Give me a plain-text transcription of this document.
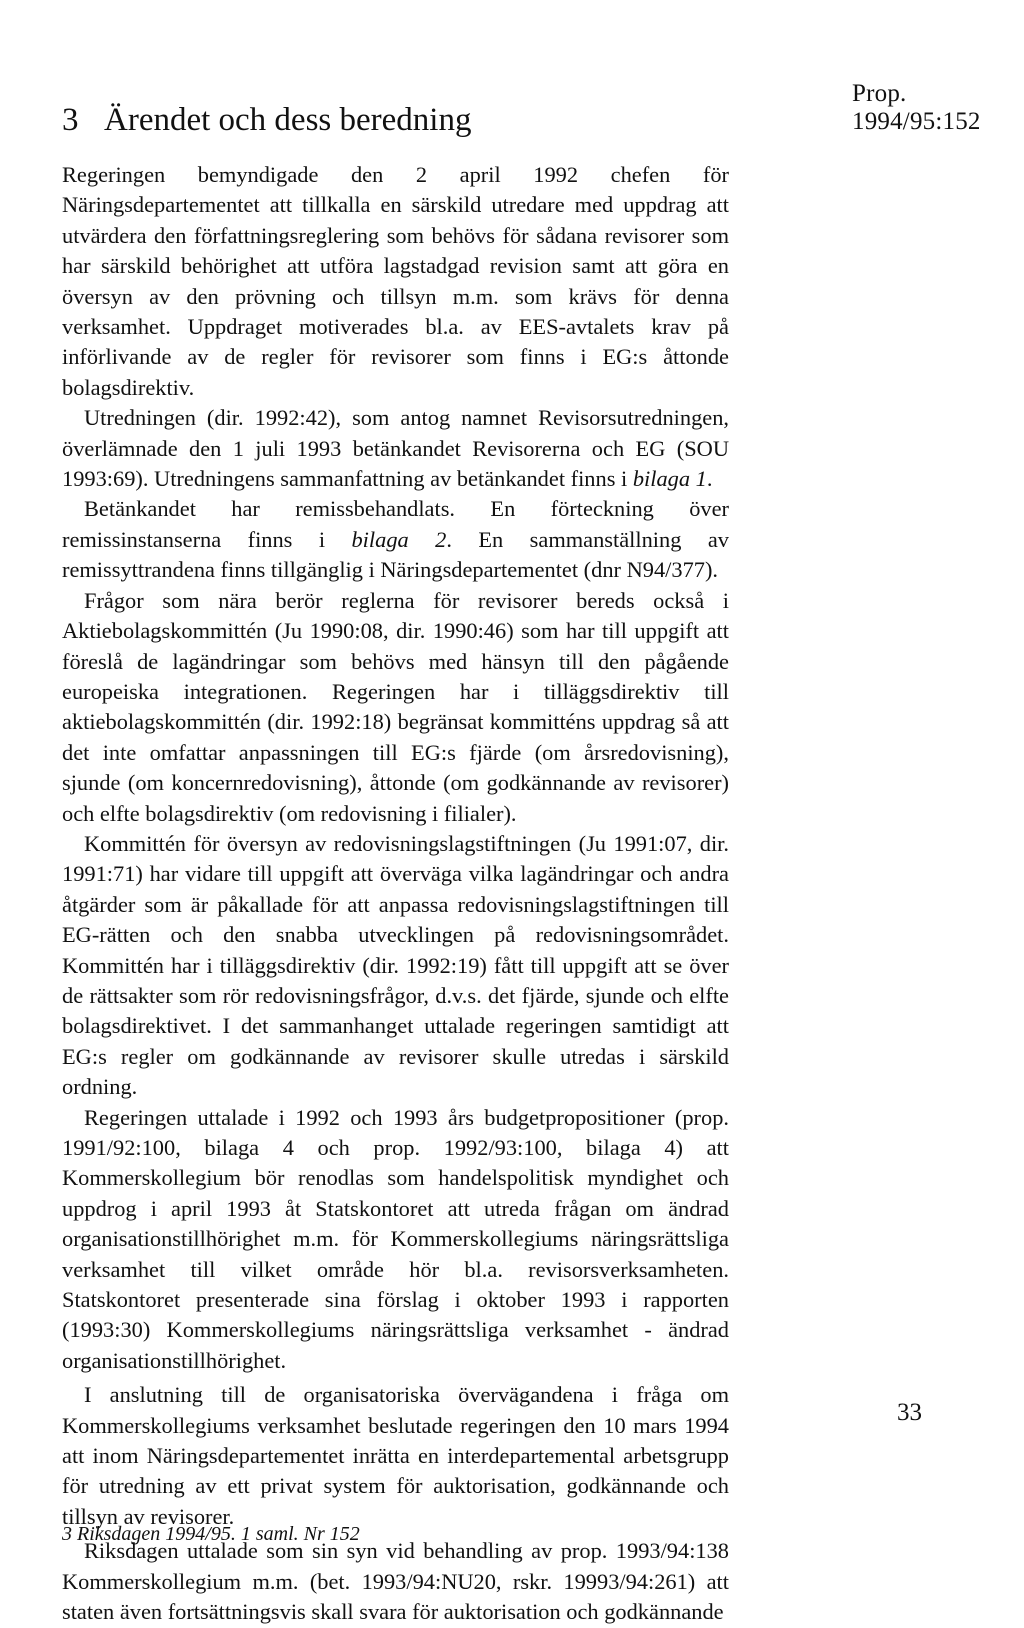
Prop. 1994/95:152
3 Ärendet och dess beredning

Regeringen bemyndigade den 2 april 1992 chefen för Näringsdepartementet att tillkalla en särskild utredare med uppdrag att utvärdera den författningsreglering som behövs för sådana revisorer som har särskild behörighet att utföra lagstadgad revision samt att göra en översyn av den prövning och tillsyn m.m. som krävs för denna verksamhet. Uppdraget motiverades bl.a. av EES-avtalets krav på införlivande av de regler för revisorer som finns i EG:s åttonde bolagsdirektiv.

Utredningen (dir. 1992:42), som antog namnet Revisorsutredningen, överlämnade den 1 juli 1993 betänkandet Revisorerna och EG (SOU 1993:69). Utredningens sammanfattning av betänkandet finns i bilaga 1.

Betänkandet har remissbehandlats. En förteckning över remissinstanserna finns i bilaga 2. En sammanställning av remissyttrandena finns tillgänglig i Näringsdepartementet (dnr N94/377).

Frågor som nära berör reglerna för revisorer bereds också i Aktiebolagskommittén (Ju 1990:08, dir. 1990:46) som har till uppgift att föreslå de lagändringar som behövs med hänsyn till den pågående europeiska integrationen. Regeringen har i tilläggsdirektiv till aktiebolagskommittén (dir. 1992:18) begränsat kommitténs uppdrag så att det inte omfattar anpassningen till EG:s fjärde (om årsredovisning), sjunde (om koncernredovisning), åttonde (om godkännande av revisorer) och elfte bolagsdirektiv (om redovisning i filialer).

Kommittén för översyn av redovisningslagstiftningen (Ju 1991:07, dir. 1991:71) har vidare till uppgift att överväga vilka lagändringar och andra åtgärder som är påkallade för att anpassa redovisningslagstiftningen till EG-rätten och den snabba utvecklingen på redovisningsområdet. Kommittén har i tilläggsdirektiv (dir. 1992:19) fått till uppgift att se över de rättsakter som rör redovisningsfrågor, d.v.s. det fjärde, sjunde och elfte bolagsdirektivet. I det sammanhanget uttalade regeringen samtidigt att EG:s regler om godkännande av revisorer skulle utredas i särskild ordning.

Regeringen uttalade i 1992 och 1993 års budgetpropositioner (prop. 1991/92:100, bilaga 4 och prop. 1992/93:100, bilaga 4) att Kommerskollegium bör renodlas som handelspolitisk myndighet och uppdrog i april 1993 åt Statskontoret att utreda frågan om ändrad organisationstillhörighet m.m. för Kommerskollegiums näringsrättsliga verksamhet till vilket område hör bl.a. revisorsverksamheten. Statskontoret presenterade sina förslag i oktober 1993 i rapporten (1993:30) Kommerskollegiums näringsrättsliga verksamhet - ändrad organisationstillhörighet.

I anslutning till de organisatoriska övervägandena i fråga om Kommerskollegiums verksamhet beslutade regeringen den 10 mars 1994 att inom Näringsdepartementet inrätta en interdepartemental arbetsgrupp för utredning av ett privat system för auktorisation, godkännande och tillsyn av revisorer.

Riksdagen uttalade som sin syn vid behandling av prop. 1993/94:138 Kommerskollegium m.m. (bet. 1993/94:NU20, rskr. 19993/94:261) att staten även fortsättningsvis skall svara för auktorisation och godkännande

33
3 Riksdagen 1994/95. 1 saml. Nr 152
